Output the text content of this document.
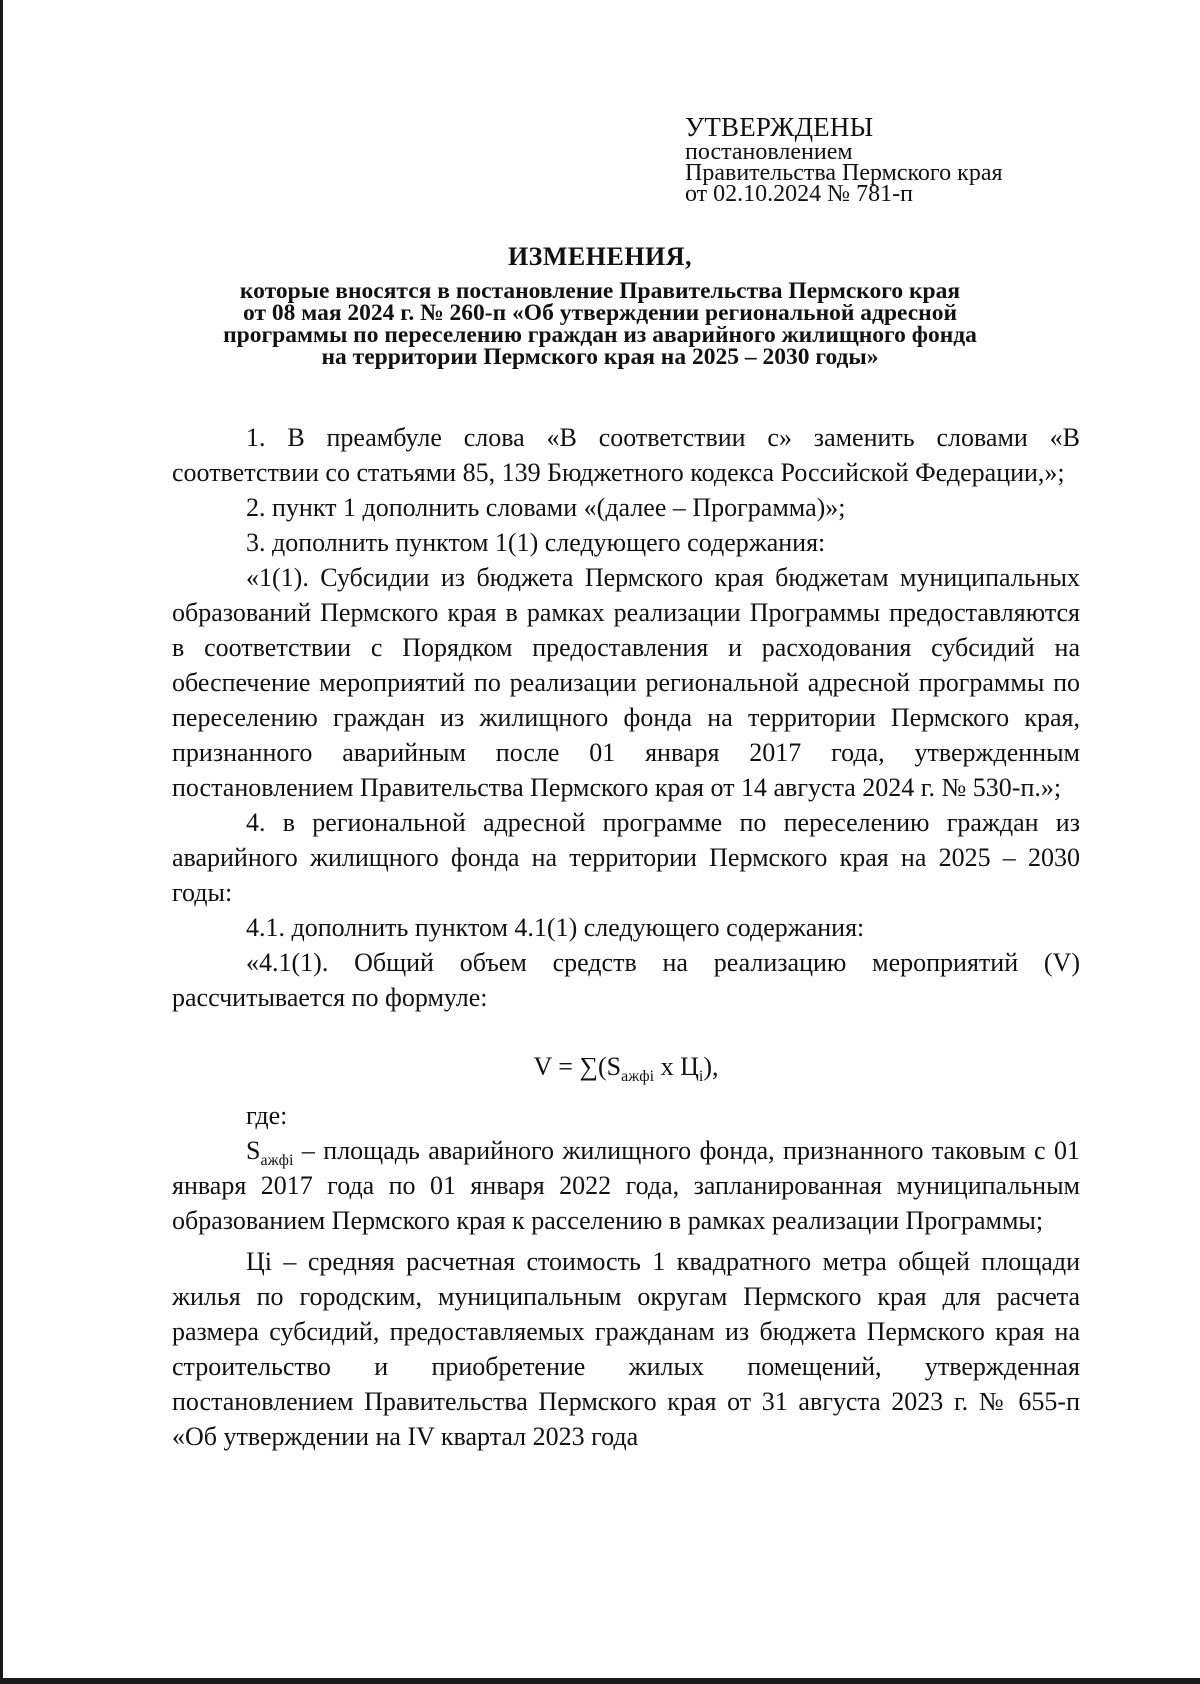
УТВЕРЖДЕНЫ
постановлением
Правительства Пермского края
от 02.10.2024 № 781-п
ИЗМЕНЕНИЯ,
которые вносятся в постановление Правительства Пермского края
от 08 мая 2024 г. № 260-п «Об утверждении региональной адресной
программы по переселению граждан из аварийного жилищного фонда
на территории Пермского края на 2025 – 2030 годы»

1. В преамбуле слова «В соответствии с» заменить словами «В соответствии со статьями 85, 139 Бюджетного кодекса Российской Федерации,»;

2. пункт 1 дополнить словами «(далее – Программа)»;

3. дополнить пунктом 1(1) следующего содержания:

«1(1). Субсидии из бюджета Пермского края бюджетам муниципальных образований Пермского края в рамках реализации Программы предоставляются в соответствии с Порядком предоставления и расходования субсидий на обеспечение мероприятий по реализации региональной адресной программы по переселению граждан из жилищного фонда на территории Пермского края, признанного аварийным после 01 января 2017 года, утвержденным постановлением Правительства Пермского края от 14 августа 2024 г. № 530-п.»;

4. в региональной адресной программе по переселению граждан из аварийного жилищного фонда на территории Пермского края на 2025 – 2030 годы:

4.1. дополнить пунктом 4.1(1) следующего содержания:

«4.1(1). Общий объем средств на реализацию мероприятий (V) рассчитывается по формуле:

$V = \sum(S_{ажфi}$ x $Ц_i$),

где:

$S_{ажфi}$ – площадь аварийного жилищного фонда, признанного таковым с 01 января 2017 года по 01 января 2022 года, запланированная муниципальным образованием Пермского края к расселению в рамках реализации Программы;

Цi – средняя расчетная стоимость 1 квадратного метра общей площади жилья по городским, муниципальным округам Пермского края для расчета размера субсидий, предоставляемых гражданам из бюджета Пермского края на строительство и приобретение жилых помещений, утвержденная постановлением Правительства Пермского края от 31 августа 2023 г. № 655-п «Об утверждении на IV квартал 2023 года
